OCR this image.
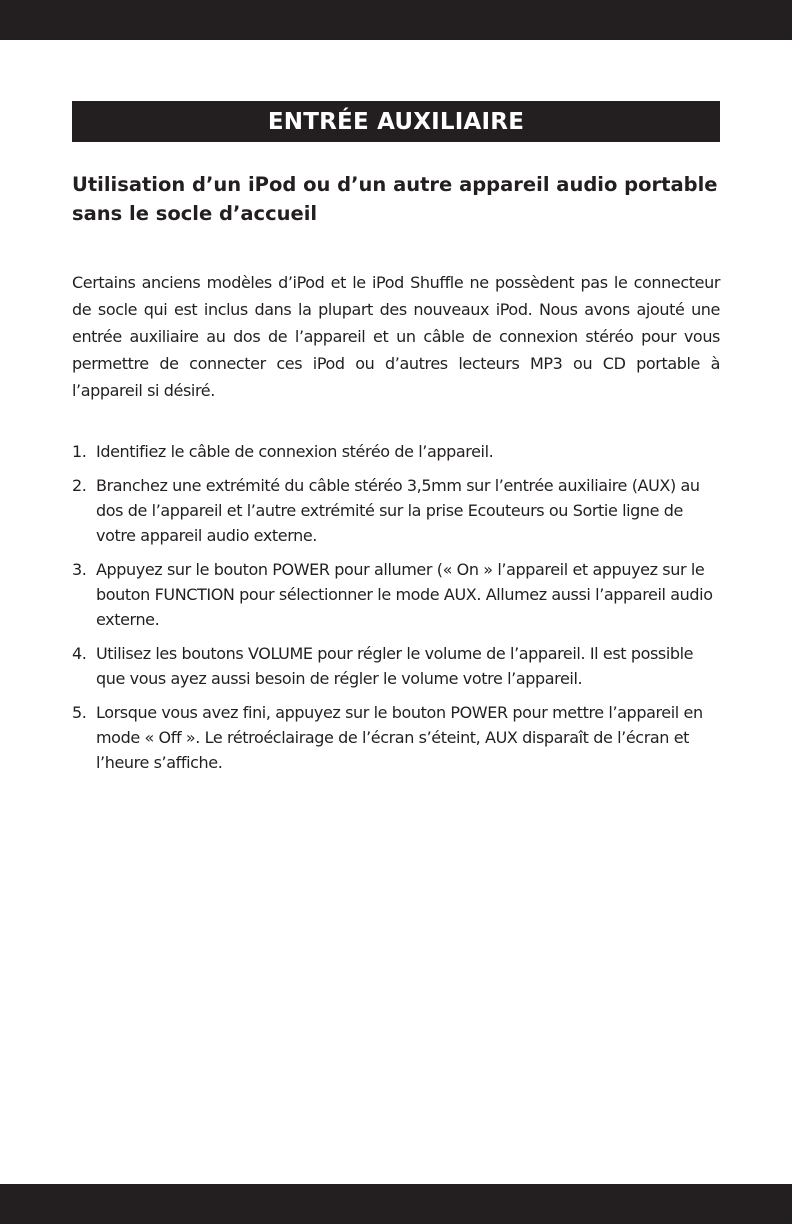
ENTRÉE AUXILIAIRE
Utilisation d’un iPod ou d’un autre appareil audio portable sans le socle d’accueil

Certains anciens modèles d’iPod et le iPod Shuffle ne possèdent pas le connecteur de socle qui est inclus dans la plupart des nouveaux iPod. Nous avons ajouté une entrée auxiliaire au dos de l’appareil et un câble de connexion stéréo pour vous permettre de connecter ces iPod ou d’autres lecteurs MP3 ou CD portable à l’appareil si désiré.

1. Identifiez le câble de connexion stéréo de l’appareil.
2. Branchez une extrémité du câble stéréo 3,5mm sur l’entrée auxiliaire (AUX) au dos de l’appareil et l’autre extrémité sur la prise Ecouteurs ou Sortie ligne de votre appareil audio externe.
3. Appuyez sur le bouton POWER pour allumer (« On » l’appareil et appuyez sur le bouton FUNCTION pour sélectionner le mode AUX. Allumez aussi l’appareil audio externe.
4. Utilisez les boutons VOLUME pour régler le volume de l’appareil. Il est possible que vous ayez aussi besoin de régler le volume votre l’appareil.
5. Lorsque vous avez fini, appuyez sur le bouton POWER pour mettre l’appareil en mode « Off ». Le rétroéclairage de l’écran s’éteint, AUX disparaît de l’écran et l’heure s’affiche.
